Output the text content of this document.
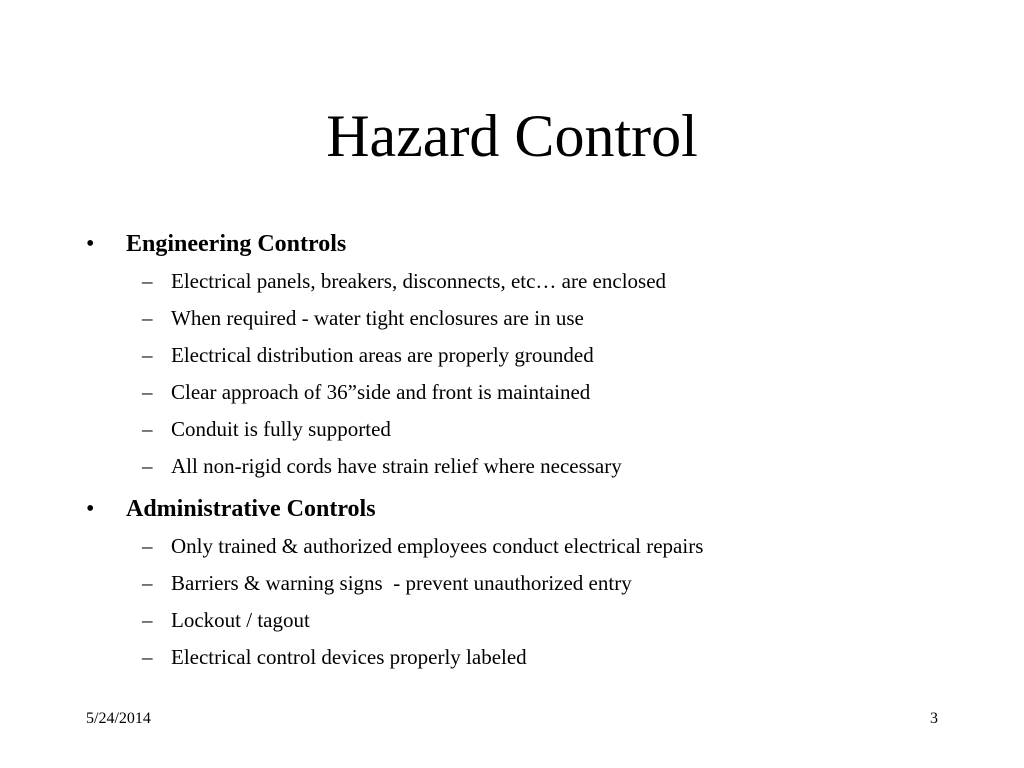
Hazard Control
• Engineering Controls
– Electrical panels, breakers, disconnects, etc… are enclosed
– When required - water tight enclosures are in use
– Electrical distribution areas are properly grounded
– Clear approach of 36”side and front is maintained
– Conduit is fully supported
– All non-rigid cords have strain relief where necessary
• Administrative Controls
– Only trained & authorized employees conduct electrical repairs
– Barriers & warning signs  - prevent unauthorized entry
– Lockout / tagout
– Electrical control devices properly labeled
5/24/2014	3
